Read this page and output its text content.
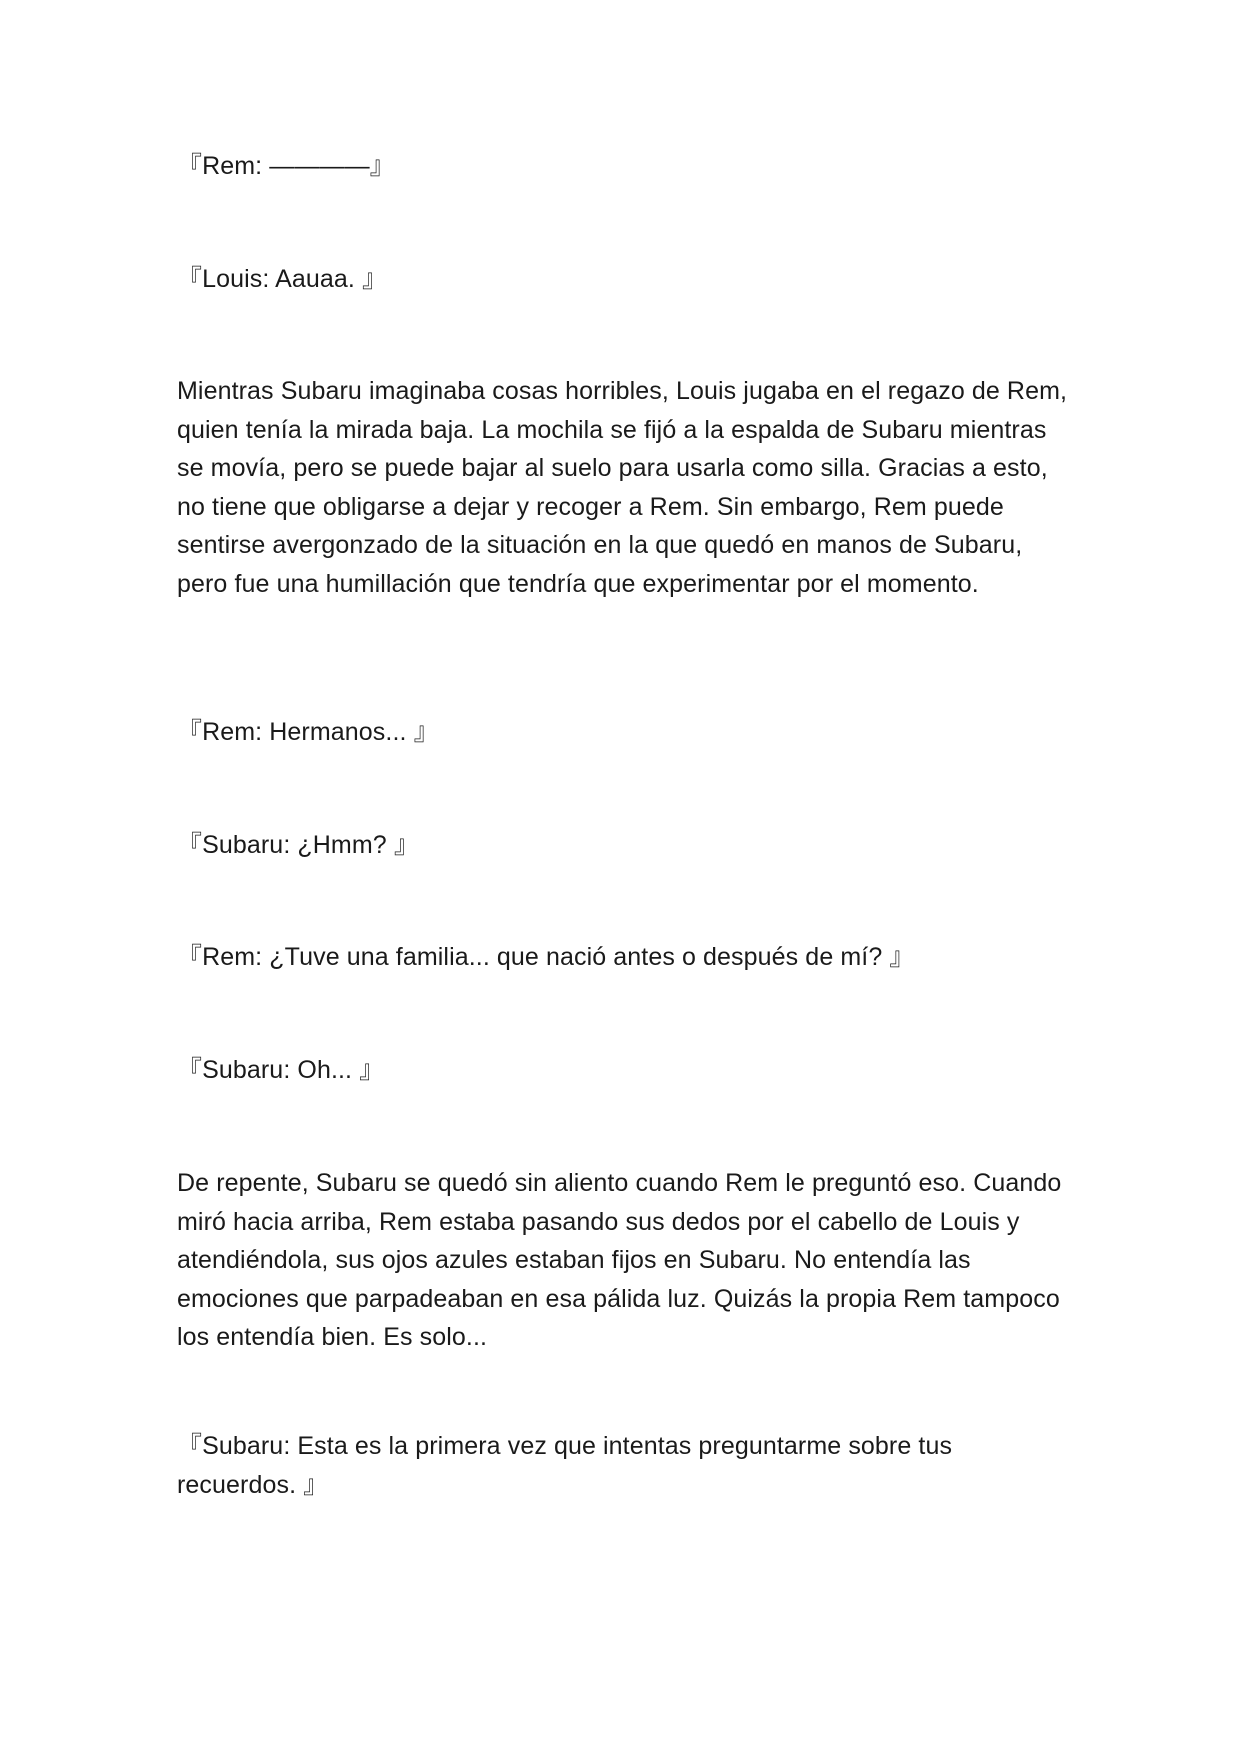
『Rem: ————』

『Louis: Aauaa. 』

Mientras Subaru imaginaba cosas horribles, Louis jugaba en el regazo de Rem, quien tenía la mirada baja. La mochila se fijó a la espalda de Subaru mientras se movía, pero se puede bajar al suelo para usarla como silla. Gracias a esto, no tiene que obligarse a dejar y recoger a Rem. Sin embargo, Rem puede sentirse avergonzado de la situación en la que quedó en manos de Subaru, pero fue una humillación que tendría que experimentar por el momento.

『Rem: Hermanos... 』

『Subaru: ¿Hmm? 』

『Rem: ¿Tuve una familia... que nació antes o después de mí? 』

『Subaru: Oh... 』

De repente, Subaru se quedó sin aliento cuando Rem le preguntó eso. Cuando miró hacia arriba, Rem estaba pasando sus dedos por el cabello de Louis y atendiéndola, sus ojos azules estaban fijos en Subaru. No entendía las emociones que parpadeaban en esa pálida luz. Quizás la propia Rem tampoco los entendía bien. Es solo...

『Subaru: Esta es la primera vez que intentas preguntarme sobre tus recuerdos. 』
